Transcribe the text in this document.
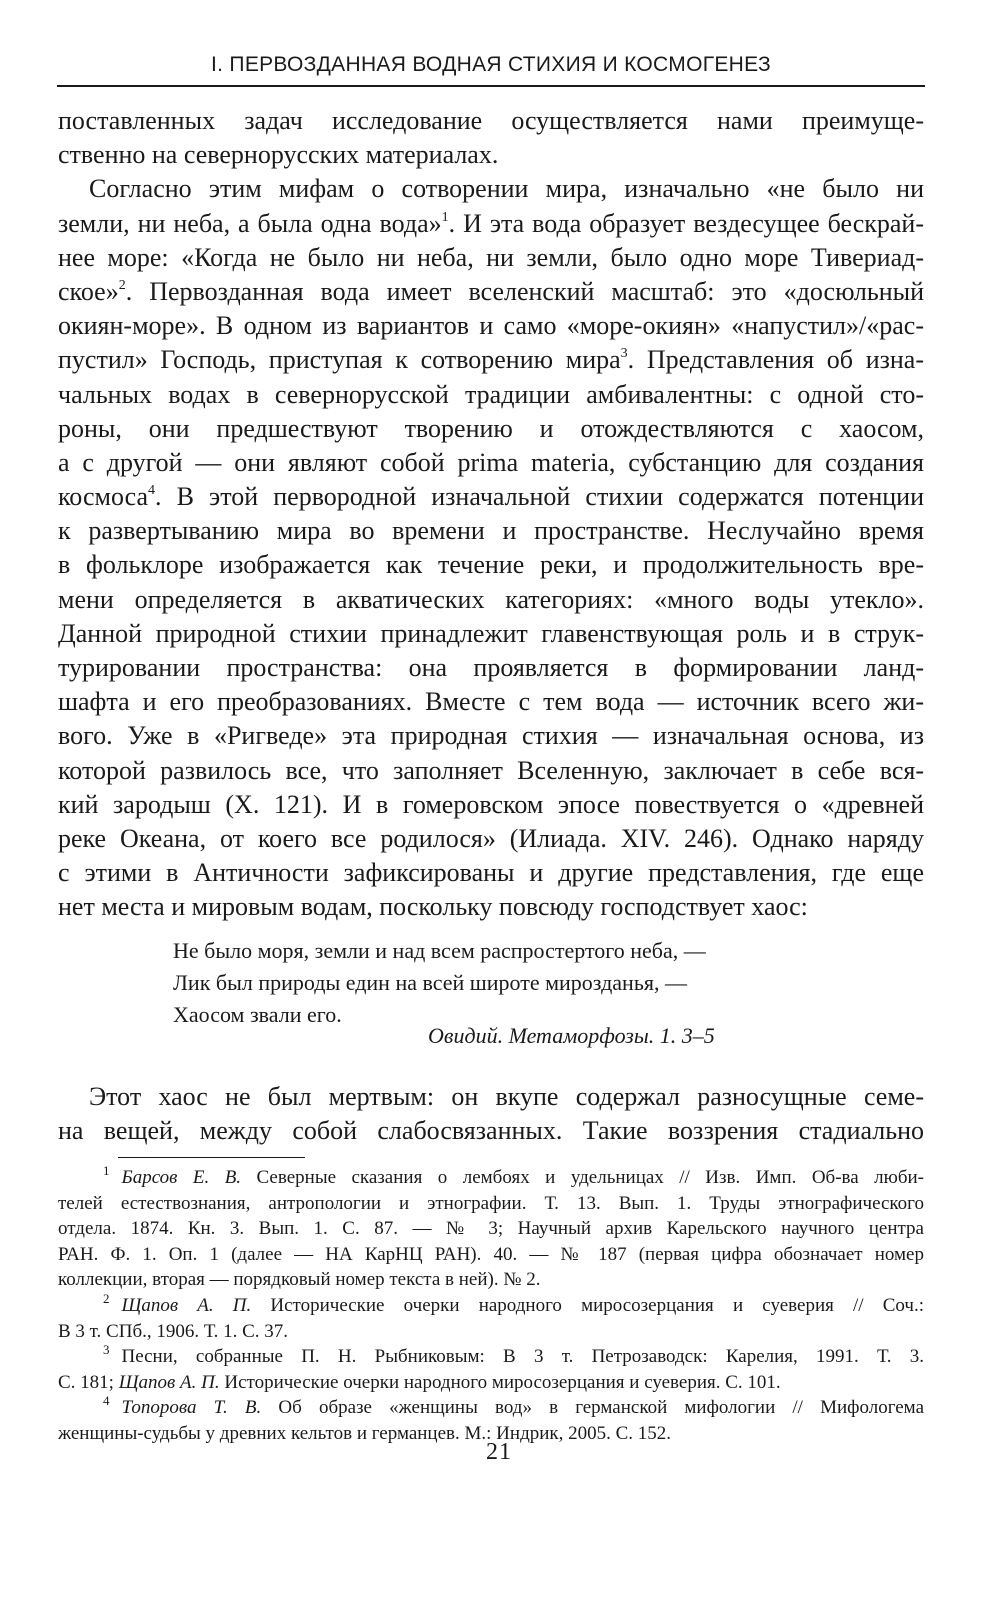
I. ПЕРВОЗДАННАЯ ВОДНАЯ СТИХИЯ И КОСМОГЕНЕЗ
поставленных задач исследование осуществляется нами преимуще-
ственно на севернорусских материалах.
Согласно этим мифам о сотворении мира, изначально «не было ни
земли, ни неба, а была одна вода»$^1$. И эта вода образует вездесущее бескрай-
нее море: «Когда не было ни неба, ни земли, было одно море Тивериад-
ское»$^2$. Первозданная вода имеет вселенский масштаб: это «досюльный
окиян-море». В одном из вариантов и само «море-окиян» «напустил»/«рас-
пустил» Господь, приступая к сотворению мира$^3$. Представления об изна-
чальных водах в севернорусской традиции амбивалентны: с одной сто-
роны, они предшествуют творению и отождествляются с хаосом,
а с другой — они являют собой prima materia, субстанцию для создания
космоса$^4$. В этой первородной изначальной стихии содержатся потенции
к развертыванию мира во времени и пространстве. Неслучайно время
в фольклоре изображается как течение реки, и продолжительность вре-
мени определяется в акватических категориях: «много воды утекло».
Данной природной стихии принадлежит главенствующая роль и в струк-
турировании пространства: она проявляется в формировании ланд-
шафта и его преобразованиях. Вместе с тем вода — источник всего жи-
вого. Уже в «Ригведе» эта природная стихия — изначальная основа, из
которой развилось все, что заполняет Вселенную, заключает в себе вся-
кий зародыш (X. 121). И в гомеровском эпосе повествуется о «древней
реке Океана, от коего все родилося» (Илиада. XIV. 246). Однако наряду
с этими в Античности зафиксированы и другие представления, где еще
нет места и мировым водам, поскольку повсюду господствует хаос:
Не было моря, земли и над всем распростертого неба, —
Лик был природы един на всей широте мирозданья, —
Хаосом звали его.
Овидий. Метаморфозы. 1. 3–5
Этот хаос не был мертвым: он вкупе содержал разносущные семе-
на вещей, между собой слабосвязанных. Такие воззрения стадиально
$^1$ Барсов Е. В. Северные сказания о лембоях и удельницах // Изв. Имп. Об-ва люби-
телей естествознания, антропологии и этнографии. Т. 13. Вып. 1. Труды этнографического
отдела. 1874. Кн. 3. Вып. 1. С. 87. — № 3; Научный архив Карельского научного центра
РАН. Ф. 1. Оп. 1 (далее — НА КарНЦ РАН). 40. — № 187 (первая цифра обозначает номер
коллекции, вторая — порядковый номер текста в ней). № 2.
$^2$ Щапов А. П. Исторические очерки народного миросозерцания и суеверия // Соч.:
В 3 т. СПб., 1906. Т. 1. С. 37.
$^3$ Песни, собранные П. Н. Рыбниковым: В 3 т. Петрозаводск: Карелия, 1991. Т. 3.
С. 181; Щапов А. П. Исторические очерки народного миросозерцания и суеверия. С. 101.
$^4$ Топорова Т. В. Об образе «женщины вод» в германской мифологии // Мифологема
женщины-судьбы у древних кельтов и германцев. М.: Индрик, 2005. С. 152.
21
